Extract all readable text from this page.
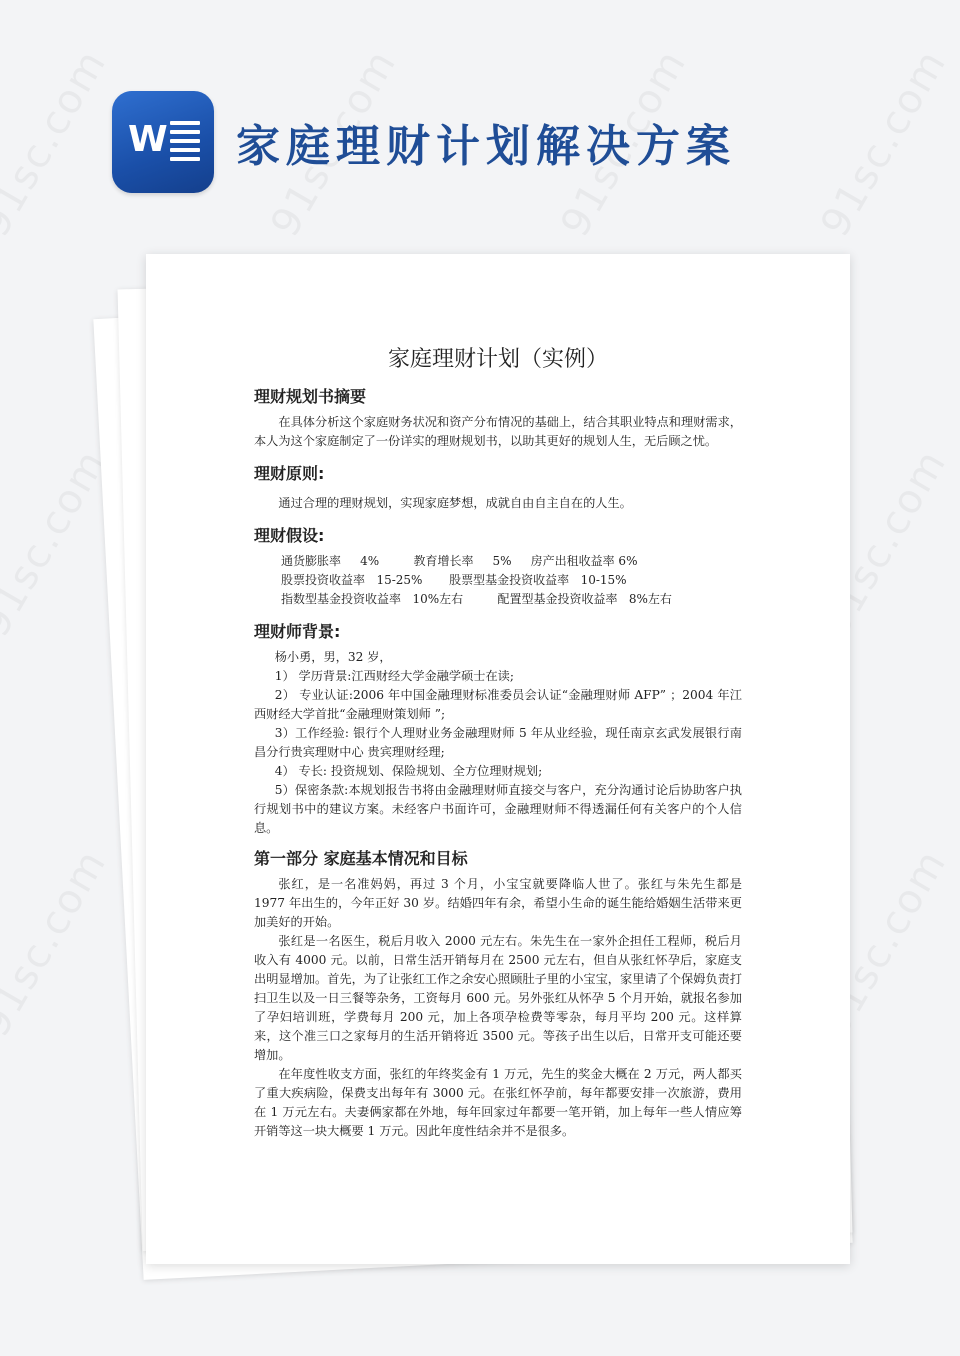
W 家庭理财计划解决方案
家庭理财计划（实例）
理财规划书摘要
在具体分析这个家庭财务状况和资产分布情况的基础上，结合其职业特点和理财需求，本人为这个家庭制定了一份详实的理财规划书，以助其更好的规划人生，无后顾之忧。
理财原则:
通过合理的理财规划，实现家庭梦想，成就自由自主自在的人生。
理财假设:
通货膨胀率     4%         教育增长率     5%     房产出租收益率 6%
股票投资收益率   15-25%       股票型基金投资收益率   10-15%
指数型基金投资收益率   10%左右         配置型基金投资收益率   8%左右
理财师背景:
杨小勇，男，32 岁，
1） 学历背景:江西财经大学金融学硕士在读;
2） 专业认证:2006 年中国金融理财标准委员会认证“金融理财师 AFP” ；2004 年江西财经大学首批“金融理财策划师 ”;
3）工作经验: 银行个人理财业务金融理财师 5 年从业经验，现任南京玄武发展银行南昌分行贵宾理财中心 贵宾理财经理;
4） 专长: 投资规划、保险规划、全方位理财规划;
5）保密条款:本规划报告书将由金融理财师直接交与客户，充分沟通讨论后协助客户执行规划书中的建议方案。未经客户书面许可，金融理财师不得透漏任何有关客户的个人信息。
第一部分 家庭基本情况和目标
张红，是一名准妈妈，再过 3 个月，小宝宝就要降临人世了。张红与朱先生都是 1977 年出生的，今年正好 30 岁。结婚四年有余，希望小生命的诞生能给婚姻生活带来更加美好的开始。
张红是一名医生，税后月收入 2000 元左右。朱先生在一家外企担任工程师，税后月收入有 4000 元。以前，日常生活开销每月在 2500 元左右，但自从张红怀孕后，家庭支出明显增加。首先，为了让张红工作之余安心照顾肚子里的小宝宝，家里请了个保姆负责打扫卫生以及一日三餐等杂务，工资每月 600 元。另外张红从怀孕 5 个月开始，就报名参加了孕妇培训班，学费每月 200 元，加上各项孕检费等零杂，每月平均 200 元。这样算来，这个准三口之家每月的生活开销将近 3500 元。等孩子出生以后，日常开支可能还要增加。
在年度性收支方面，张红的年终奖金有 1 万元，先生的奖金大概在 2 万元，两人都买了重大疾病险，保费支出每年有 3000 元。在张红怀孕前，每年都要安排一次旅游，费用在 1 万元左右。夫妻俩家都在外地，每年回家过年都要一笔开销，加上每年一些人情应筹开销等这一块大概要 1 万元。因此年度性结余并不是很多。
